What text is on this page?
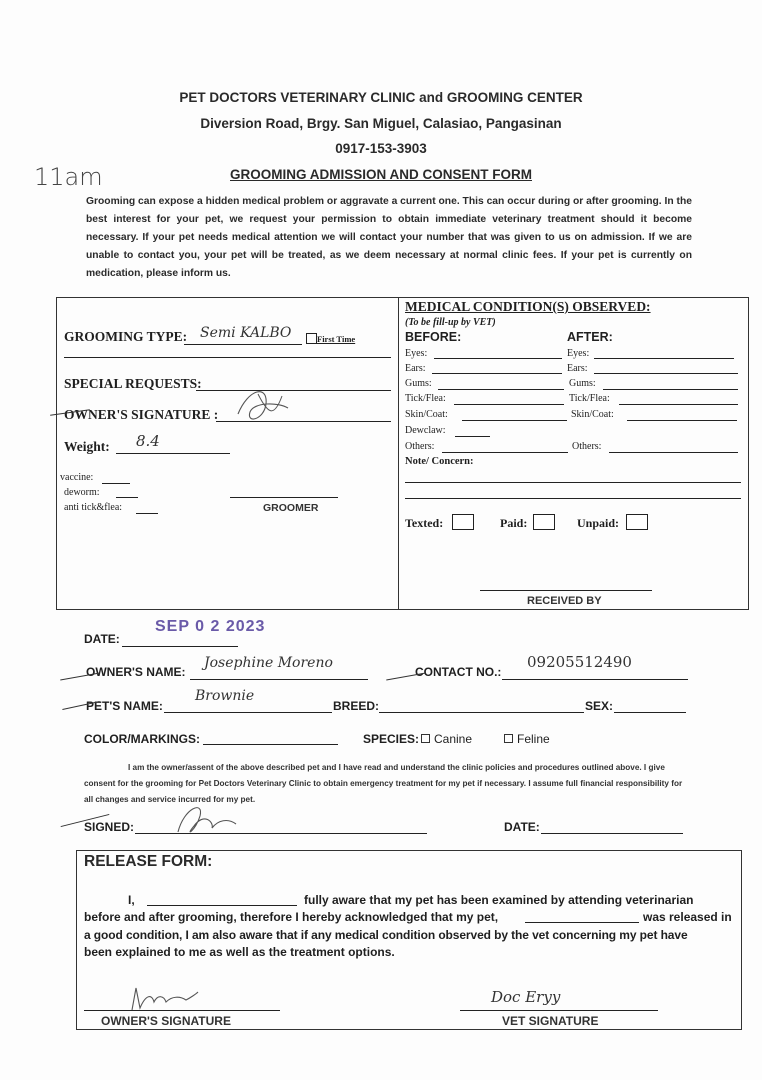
PET DOCTORS VETERINARY CLINIC and GROOMING CENTER
Diversion Road, Brgy. San Miguel, Calasiao, Pangasinan
0917-153-3903
GROOMING ADMISSION AND CONSENT FORM
11am
Grooming can expose a hidden medical problem or aggravate a current one. This can occur during or after grooming. In the best interest for your pet, we request your permission to obtain immediate veterinary treatment should it become necessary. If your pet needs medical attention we will contact your number that was given to us on admission. If we are unable to contact you, your pet will be treated, as we deem necessary at normal clinic fees. If your pet is currently on medication, please inform us.
GROOMING TYPE: Semi KALBO	First Time
SPECIAL REQUESTS:
OWNER'S SIGNATURE :
Weight: 8.4
vaccine:
deworm:
anti tick&flea:	GROOMER
MEDICAL CONDITION(S) OBSERVED:
(To be fill-up by VET)
BEFORE:	AFTER:
Eyes:	Eyes:
Ears:	Ears:
Gums:	Gums:
Tick/Flea:	Tick/Flea:
Skin/Coat:	Skin/Coat:
Dewclaw:
Others:	Others:
Note/ Concern:
Texted:	Paid:	Unpaid:
RECEIVED BY
DATE:
SEP 0 2 2023
OWNER'S NAME:
Josephine Moreno
CONTACT NO.:
09205512490
PET'S NAME:
Brownie
BREED:	SEX:
COLOR/MARKINGS:	SPECIES:	Canine	Feline
I am the owner/assent of the above described pet and I have read and understand the clinic policies and procedures outlined above. I give consent for the grooming for Pet Doctors Veterinary Clinic to obtain emergency treatment for my pet if necessary. I assume full financial responsibility for all changes and service incurred for my pet.
SIGNED:	DATE:
RELEASE FORM:
I,	fully aware that my pet has been examined by attending veterinarian
before and after grooming, therefore I hereby acknowledged that my pet,	was released in
a good condition, I am also aware that if any medical condition observed by the vet concerning my pet have
been explained to me as well as the treatment options.
OWNER'S SIGNATURE
Doc Eryy
VET SIGNATURE
